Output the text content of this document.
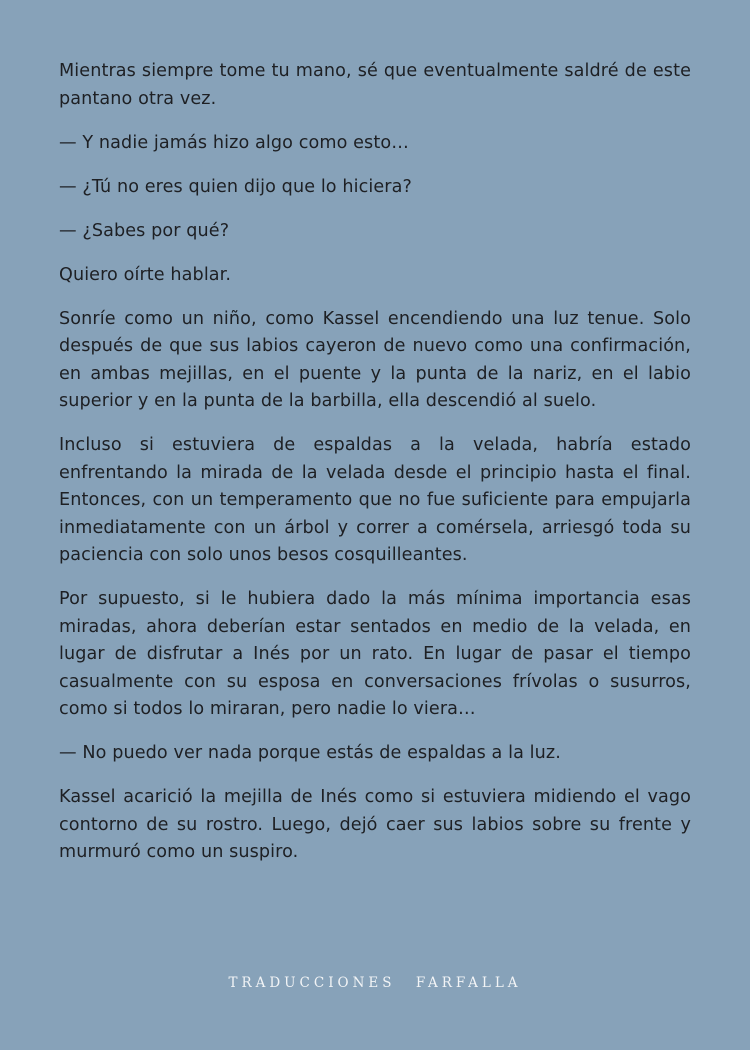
Mientras siempre tome tu mano, sé que eventualmente saldré de este pantano otra vez.

— Y nadie jamás hizo algo como esto…

— ¿Tú no eres quien dijo que lo hiciera?

— ¿Sabes por qué?

Quiero oírte hablar.

Sonríe como un niño, como Kassel encendiendo una luz tenue. Solo después de que sus labios cayeron de nuevo como una confirmación, en ambas mejillas, en el puente y la punta de la nariz, en el labio superior y en la punta de la barbilla, ella descendió al suelo.

Incluso si estuviera de espaldas a la velada, habría estado enfrentando la mirada de la velada desde el principio hasta el final. Entonces, con un temperamento que no fue suficiente para empujarla inmediatamente con un árbol y correr a comérsela, arriesgó toda su paciencia con solo unos besos cosquilleantes.

Por supuesto, si le hubiera dado la más mínima importancia esas miradas, ahora deberían estar sentados en medio de la velada, en lugar de disfrutar a Inés por un rato. En lugar de pasar el tiempo casualmente con su esposa en conversaciones frívolas o susurros, como si todos lo miraran, pero nadie lo viera…

— No puedo ver nada porque estás de espaldas a la luz.

Kassel acarició la mejilla de Inés como si estuviera midiendo el vago contorno de su rostro. Luego, dejó caer sus labios sobre su frente y murmuró como un suspiro.

TRADUCCIONES FARFALLA
